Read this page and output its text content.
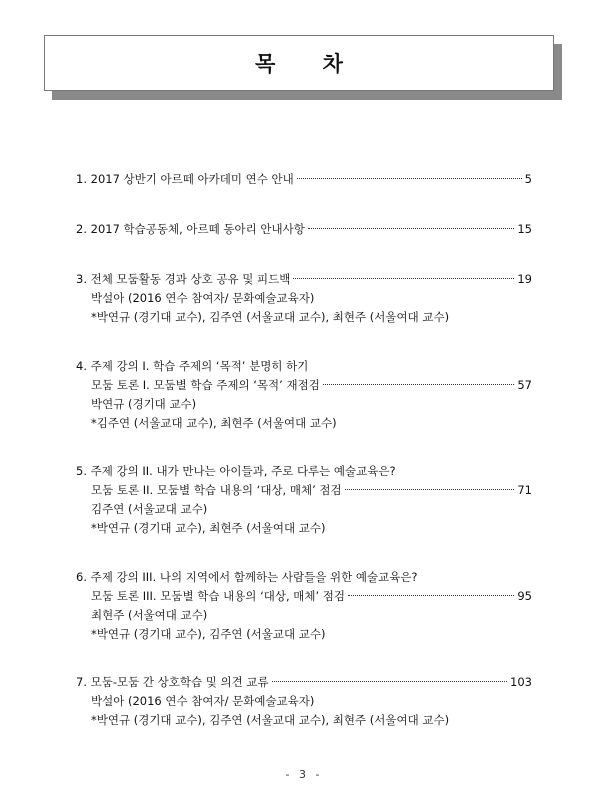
목 차
1. 2017 상반기 아르떼 아카데미 연수 안내	5
2. 2017 학습공동체, 아르떼 동아리 안내사항	15
3. 전체 모둠활동 경과 상호 공유 및 피드백	19
박설아 (2016 연수 참여자/ 문화예술교육자)
*박연규 (경기대 교수), 김주연 (서울교대 교수), 최현주 (서울여대 교수)
4. 주제 강의 I. 학습 주제의 ‘목적’ 분명히 하기
모둠 토론 I. 모둠별 학습 주제의 ‘목적’ 재점검	57
박연규 (경기대 교수)
*김주연 (서울교대 교수), 최현주 (서울여대 교수)
5. 주제 강의 II. 내가 만나는 아이들과, 주로 다루는 예술교육은?
모둠 토론 II. 모둠별 학습 내용의 ‘대상, 매체’ 점검	71
김주연 (서울교대 교수)
*박연규 (경기대 교수), 최현주 (서울여대 교수)
6. 주제 강의 III. 나의 지역에서 함께하는 사람들을 위한 예술교육은?
모둠 토론 III. 모둠별 학습 내용의 ‘대상, 매체’ 점검	95
최현주 (서울여대 교수)
*박연규 (경기대 교수), 김주연 (서울교대 교수)
7. 모둠-모둠 간 상호학습 및 의견 교류	103
박설아 (2016 연수 참여자/ 문화예술교육자)
*박연규 (경기대 교수), 김주연 (서울교대 교수), 최현주 (서울여대 교수)
- 3 -
